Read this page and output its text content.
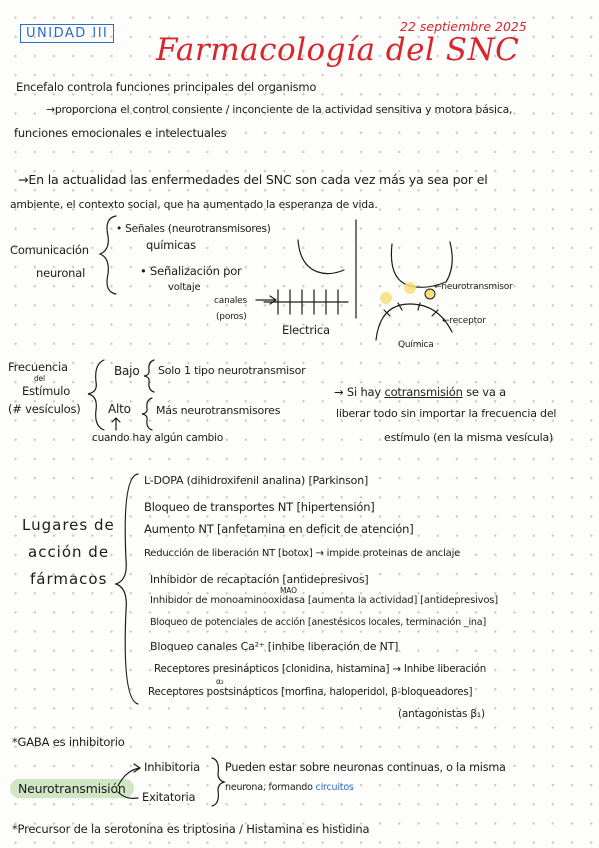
UNIDAD III Farmacología del SNC
22 septiembre 2025
Encefalo controla funciones principales del organismo
→proporciona el control consiente / inconciente de la actividad sensitiva y motora básica,
funciones emocionales e intelectuales
→En la actualidad las enfermedades del SNC son cada vez más ya sea por el
ambiente, el contexto social, que ha aumentado la esperanza de vida.
Comunicación
neuronal
• Señales (neurotransmisores)
químicas
• Señalización por
voltaje
canales
(poros)
Electrica
Química
←neurotransmisor
←receptor
Frecuencia
del
Estímulo
(# vesículos)
Bajo Solo 1 tipo neurotransmisor
Alto Más neurotransmisores
cuando hay algún cambio
→ Si hay cotransmisión se va a
liberar todo sin importar la frecuencia del
estímulo (en la misma vesícula)
Lugares de
acción de
fármacos
L-DOPA (dihidroxifenil analina) [Parkinson]
Bloqueo de transportes NT [hipertensión]
Aumento NT [anfetamina en deficit de atención]
Reducción de liberación NT [botox] → impide proteinas de anclaje
Inhibidor de recaptación [antidepresivos]
MAO
Inhibidor de monoaminooxidasa [aumenta la actividad] [antidepresivos]
Bloqueo de potenciales de acción [anestésicos locales, terminación _ina]
Bloqueo canales Ca²⁺ [inhibe liberación de NT]
Receptores presinápticos [clonidina, histamina] → Inhibe liberación
α₂
Receptores postsinápticos [morfina, haloperidol, β-bloqueadores]
(antagonistas β₁)
*GABA es inhibitorio
Neurotransmisión
Inhibitoria
Exitatoria
Pueden estar sobre neuronas continuas, o la misma
neurona, formando circuitos
*Precursor de la serotonina es triptosina / Histamina es histidina
